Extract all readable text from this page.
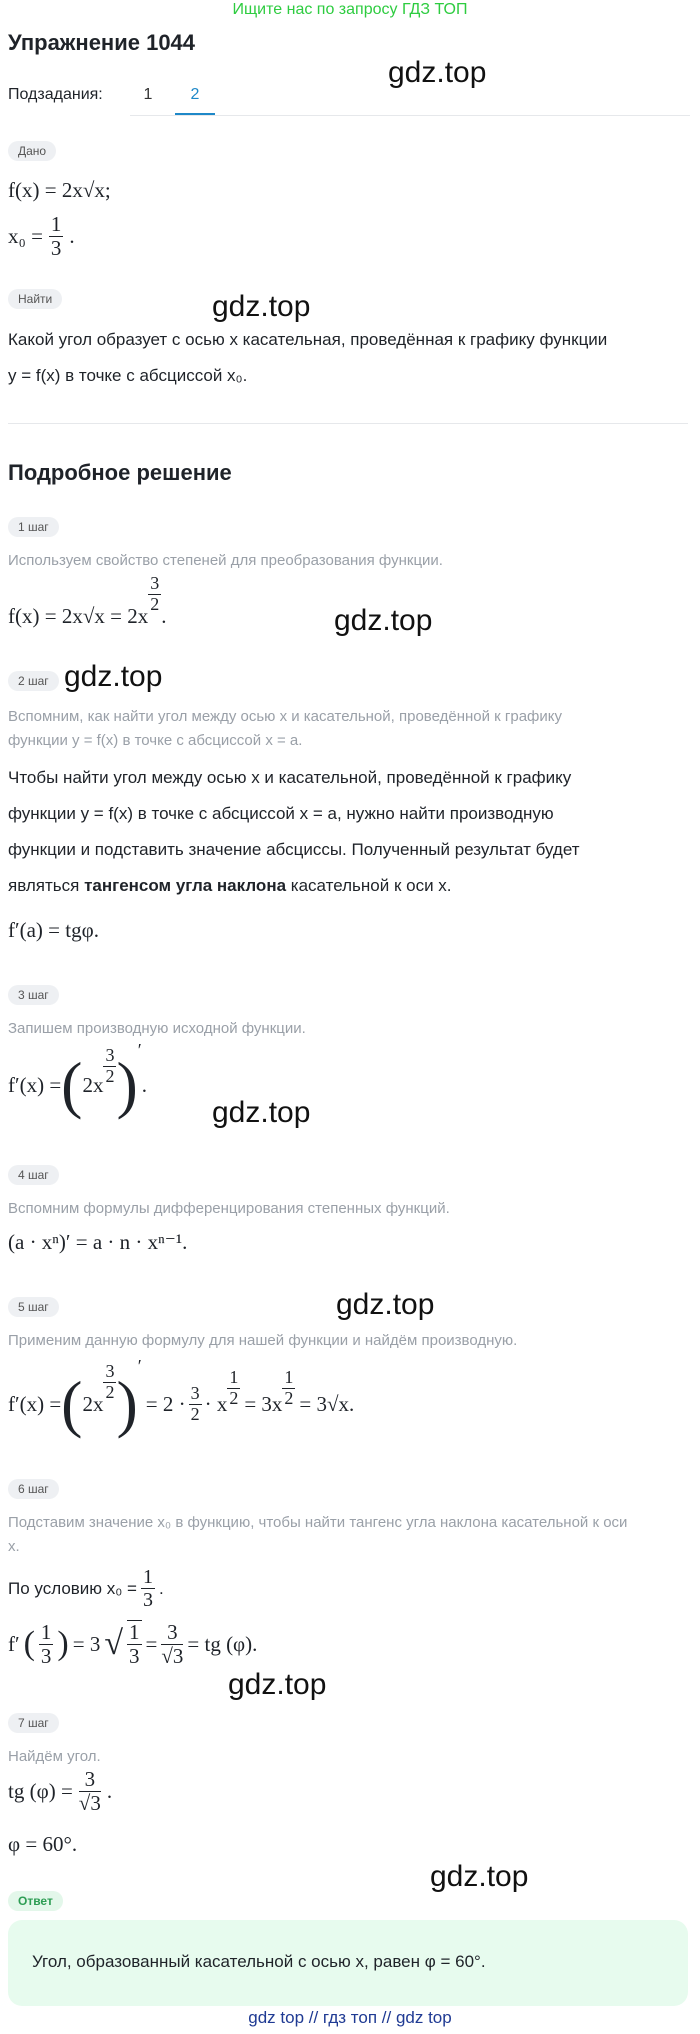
Ищите нас по запросу ГДЗ ТОП
Упражнение 1044
gdz.top
Подзадания:	1	2
Дано
f(x) = 2x√x;
$x_0 = \frac{1}{3}$ .
Найти	gdz.top
Какой угол образует с осью x касательная, проведённая к графику функции
y = f(x) в точке с абсциссой x₀.
Подробное решение
1 шаг
Используем свойство степеней для преобразования функции.
f(x) = 2x√x = 2x
$\frac{3}{2}$
.	gdz.top
2 шаг gdz.top
Вспомним, как найти угол между осью x и касательной, проведённой к графику
функции y = f(x) в точке с абсциссой x = a.
Чтобы найти угол между осью x и касательной, проведённой к графику
функции y = f(x) в точке с абсциссой x = a, нужно найти производную
функции и подставить значение абсциссы. Полученный результат будет
являться тангенсом угла наклона касательной к оси x.
f′(a) = tgφ.
3 шаг
Запишем производную исходной функции.
f′(x) = ( $2x \frac{3}{2}$ ) ′
.
gdz.top
4 шаг
Вспомним формулы дифференцирования степенных функций.
(a · xⁿ)′ = a · n · xⁿ⁻¹.
gdz.top
5 шаг
Применим данную формулу для нашей функции и найдём производную.
f′(x) = ( 2x
$\frac{3}{2}$ )
′
= $2 \cdot \frac{3}{2} \cdot x \frac{1}{2} = 3x \frac{1}{2} = 3√x$.
6 шаг
Подставим значение x₀ в функцию, чтобы найти тангенс угла наклона касательной к оси
x.
По условию $x_0 = \frac{1}{3}$ .
f′ ( $\frac{1}{3}$ ) = 3 √ $\frac{1}{3} = \frac{3}{√3}$ = tg (φ).
gdz.top
7 шаг
Найдём угол.
tg $(\varphi) = \frac{3}{√3}$ .
φ = 60°.
gdz.top
Ответ
Угол, образованный касательной с осью x, равен φ = 60°.
gdz top // гдз топ // gdz top
